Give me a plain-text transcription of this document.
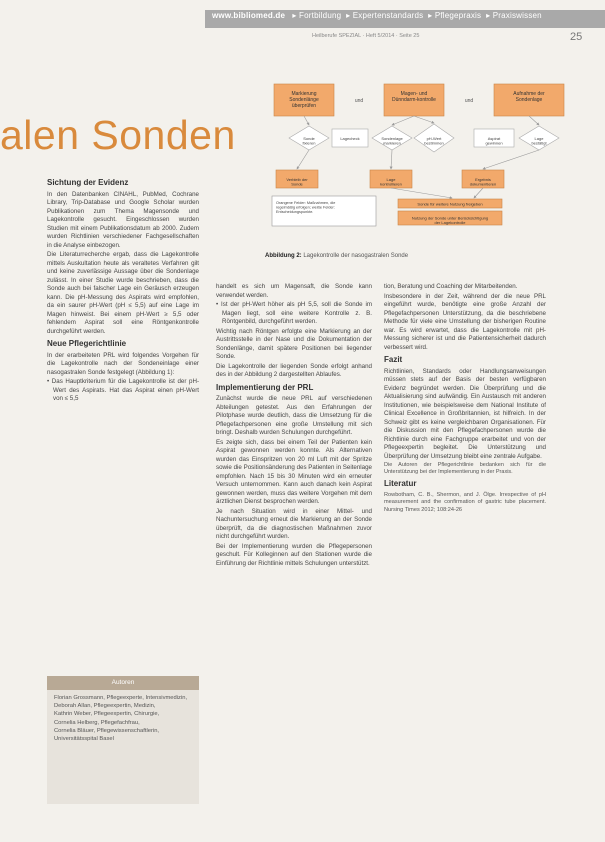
www.bibliomed.de   ▸ Fortbildung  ▸ Expertenstandards  ▸ Pflegepraxis  ▸ Praxiswissen
Heilberufe SPEZIAL · Heft 5/2014 · Seite 25	25
alen Sonden
Markierung Sondenlänge überprüfen
Magen- und Dünndarm-kontrolle
Aufnahme der Sondenlage
und	und
Sonde fixieren
Lagecheck	Sondenlage markieren
pH-Wert bestimmen
Aspirat gewinnen
Lage bestätigt
Verbleib der Sonde
Lage kontrollieren
Ergebnis dokumentieren
Orangene Felder: Maßnahmen, die regelmäßig erfolgen; weiße Felder: Entscheidungspunkte.
Sonde für weitere Nutzung freigeben
Nutzung der Sonde unter Berücksichtigung der Lagekontrolle
Abbildung 2: Lagekontrolle der nasogastralen Sonde
Sichtung der Evidenz

In den Datenbanken CINAHL, PubMed, Cochrane Library, Trip-Database und Google Scholar wurden Publikationen zum Thema Magensonde und Lagekontrolle gesucht. Eingeschlossen wurden Studien mit einem Publikationsdatum ab 2000. Zudem wurden Richtlinien verschiedener Fachgesellschaften in die Analyse einbezogen.

Die Literaturrecherche ergab, dass die Lagekontrolle mittels Auskultation heute als veraltetes Verfahren gilt und keine zuverlässige Aussage über die Sondenlage zulässt. In einer Studie wurde beschrieben, dass die Sonde auch bei falscher Lage ein Geräusch erzeugen kann. Die pH-Messung des Aspirats wird empfohlen, da ein saurer pH-Wert (pH ≤ 5,5) auf eine Lage im Magen hinweist. Bei einem pH-Wert ≥ 5,5 oder fehlendem Aspirat soll eine Röntgenkontrolle durchgeführt werden.

Neue Pflegerichtlinie

In der erarbeiteten PRL wird folgendes Vorgehen für die Lagekontrolle nach der Sondeneinlage einer nasogastralen Sonde festgelegt (Abbildung 1):

• Das Hauptkriterium für die Lagekontrolle ist der pH-Wert des Aspirats. Hat das Aspirat einen pH-Wert von ≤ 5,5

Autoren
Florian Grossmann, Pflegeexperte, Intensivmedizin,
Deborah Allan, Pflegeexpertin, Medizin,
Kathrin Weber, Pflegeexpertin, Chirurgie,
Cornelia Helberg, Pflegefachfrau,
Cornelia Bläuer, Pflegewissenschaftlerin,
Universitätsspital Basel

handelt es sich um Magensaft, die Sonde kann verwendet werden.

• Ist der pH-Wert höher als pH 5,5, soll die Sonde im Magen liegt, soll eine weitere Kontrolle z. B. Röntgenbild, durchgeführt werden.

Wichtig nach Röntgen erfolgte eine Markierung an der Austrittsstelle in der Nase und die Dokumentation der Sondenlänge, damit spätere Positionen bei liegender Sonde.

Die Lagekontrolle der liegenden Sonde erfolgt anhand des in der Abbildung 2 dargestellten Ablaufes.

Implementierung der PRL

Zunächst wurde die neue PRL auf verschiedenen Abteilungen getestet. Aus den Erfahrungen der Pilotphase wurde deutlich, dass die Umsetzung für die Pflegefachpersonen eine große Umstellung mit sich bringt. Deshalb wurden Schulungen durchgeführt.

Es zeigte sich, dass bei einem Teil der Patienten kein Aspirat gewonnen werden konnte. Als Alternativen wurden das Einspritzen von 20 ml Luft mit der Spritze sowie die Positionsänderung des Patienten in Seitenlage empfohlen. Nach 15 bis 30 Minuten wird ein erneuter Versuch unternommen. Kann auch danach kein Aspirat gewonnen werden, muss das weitere Vorgehen mit dem ärztlichen Dienst besprochen werden.

Je nach Situation wird in einer Mittel- und Nachuntersuchung erneut die Markierung an der Sonde überprüft, da die diagnostischen Maßnahmen zuvor nicht durchgeführt wurden.

Bei der Implementierung wurden die Pflegepersonen geschult. Für Kolleginnen auf den Stationen wurde die Einführung der Richtlinie mittels Schulungen unterstützt.

tion, Beratung und Coaching der Mitarbeitenden.

Insbesondere in der Zeit, während der die neue PRL eingeführt wurde, benötigte eine große Anzahl der Pflegefachpersonen Unterstützung, da die beschriebene Methode für viele eine Umstellung der bisherigen Routine war. Es wird erwartet, dass die Lagekontrolle mit pH-Messung sicherer ist und die Patientensicherheit dadurch verbessert wird.

Fazit

Richtlinien, Standards oder Handlungsanweisungen müssen stets auf der Basis der besten verfügbaren Evidenz begründet werden. Die Überprüfung und die Aktualisierung sind aufwändig. Ein Austausch mit anderen Institutionen, wie beispielsweise dem National Institute of Clinical Excellence in Großbritannien, ist hilfreich. In der Schweiz gibt es keine vergleichbaren Organisationen. Für die Diskussion mit den Pflegefachpersonen wurde die Richtlinie durch eine Fachgruppe erarbeitet und von der Pflegeexpertin begleitet. Die Unterstützung und Überprüfung der Umsetzung bleibt eine zentrale Aufgabe.

Die Autoren der Pflegerichtlinie bedanken sich für die Unterstützung bei der Implementierung in der Praxis.

Literatur

Rowbotham, C. B., Shermon, and J. Ölge. Irrespective of pH measurement and the confirmation of gastric tube placement. Nursing Times 2012; 108:24-26
